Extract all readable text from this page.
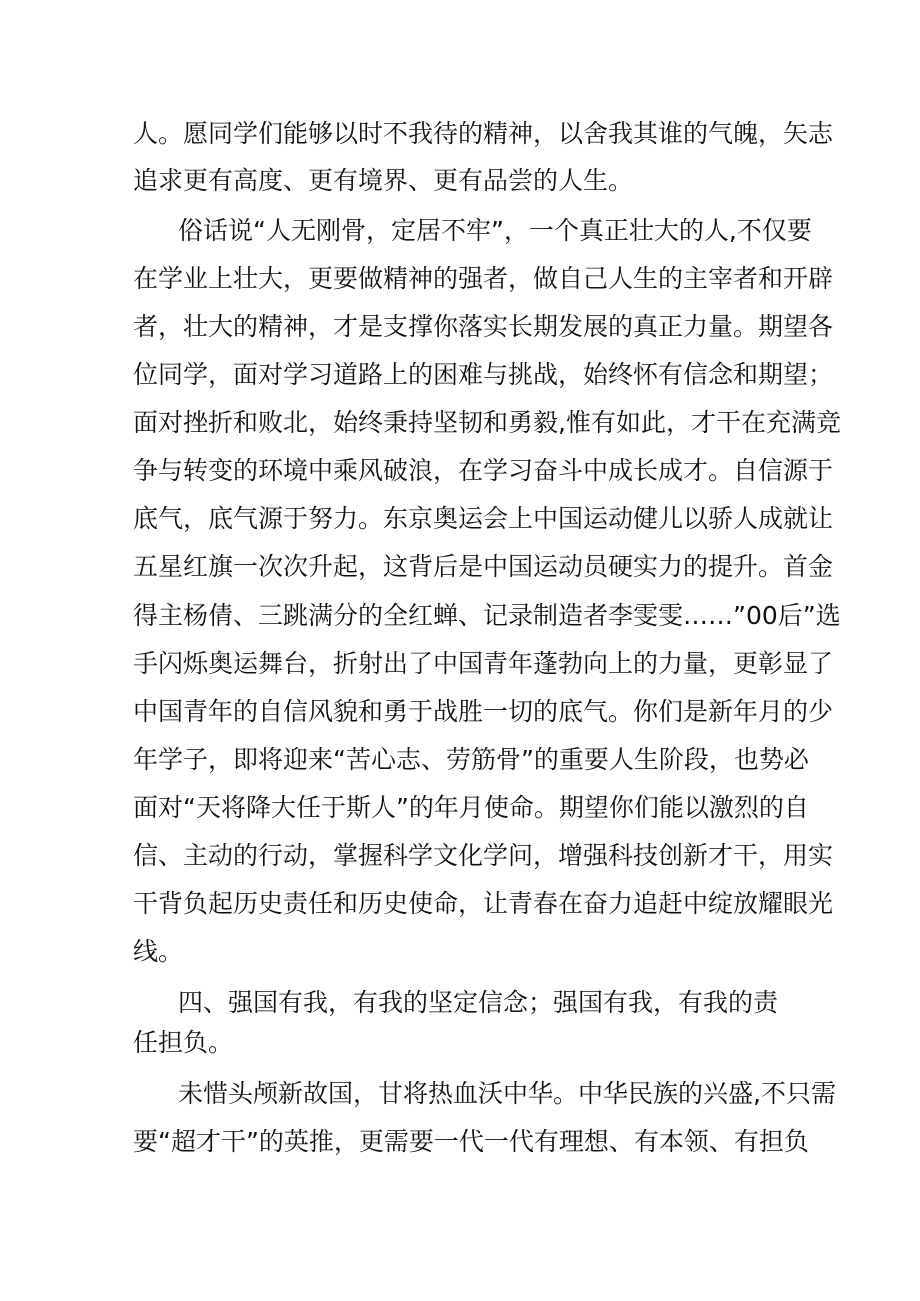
人。愿同学们能够以时不我待的精神，以舍我其谁的气魄，矢志
追求更有高度、更有境界、更有品尝的人生。
俗话说“人无刚骨，定居不牢”，一个真正壮大的人,不仅要
在学业上壮大，更要做精神的强者，做自己人生的主宰者和开辟
者，壮大的精神，才是支撑你落实长期发展的真正力量。期望各
位同学，面对学习道路上的困难与挑战，始终怀有信念和期望；
面对挫折和败北，始终秉持坚韧和勇毅,惟有如此，才干在充满竞
争与转变的环境中乘风破浪，在学习奋斗中成长成才。自信源于
底气，底气源于努力。东京奥运会上中国运动健儿以骄人成就让
五星红旗一次次升起，这背后是中国运动员硬实力的提升。首金
得主杨倩、三跳满分的全红蝉、记录制造者李雯雯……”00后”选
手闪烁奥运舞台，折射出了中国青年蓬勃向上的力量，更彰显了
中国青年的自信风貌和勇于战胜一切的底气。你们是新年月的少
年学子，即将迎来“苦心志、劳筋骨”的重要人生阶段，也势必
面对“天将降大任于斯人”的年月使命。期望你们能以激烈的自
信、主动的行动，掌握科学文化学问，增强科技创新才干，用实
干背负起历史责任和历史使命，让青春在奋力追赶中绽放耀眼光
线。
四、强国有我，有我的坚定信念；强国有我，有我的责
任担负。
未惜头颅新故国，甘将热血沃中华。中华民族的兴盛,不只需
要“超才干”的英推，更需要一代一代有理想、有本领、有担负
